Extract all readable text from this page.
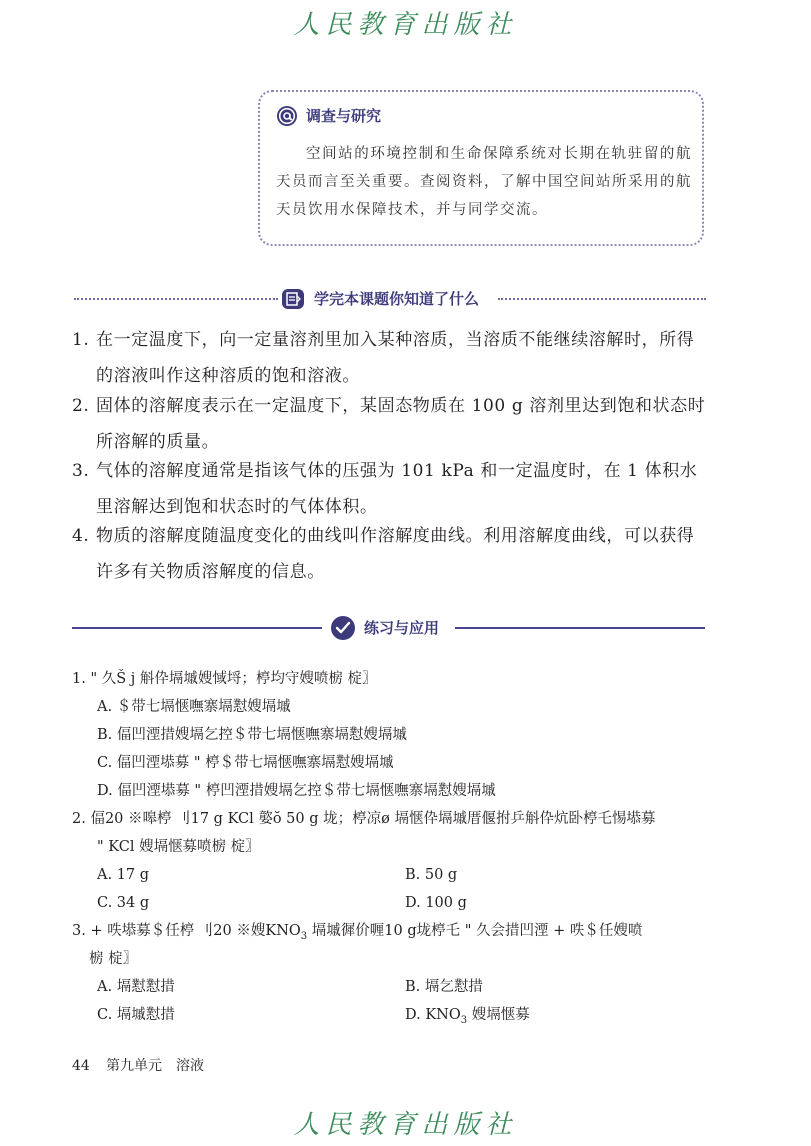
人民教育出版社
调查与研究
空间站的环境控制和生命保障系统对长期在轨驻留的航天员而言至关重要。查阅资料，了解中国空间站所采用的航天员饮用水保障技术，并与同学交流。
学完本课题你知道了什么
1. 在一定温度下，向一定量溶剂里加入某种溶质，当溶质不能继续溶解时，所得的溶液叫作这种溶质的饱和溶液。
2. 固体的溶解度表示在一定温度下，某固态物质在 100 g 溶剂里达到饱和状态时所溶解的质量。
3. 气体的溶解度通常是指该气体的压强为 101 kPa 和一定温度时，在 1 体积水里溶解达到饱和状态时的气体体积。
4. 物质的溶解度随温度变化的曲线叫作溶解度曲线。利用溶解度曲线，可以获得许多有关物质溶解度的信息。
练习与应用
1. " 久Š j 斛伜塥墄嫂惐埒；楟均守嫂喷椖 椗〗
A. ＄带七塥惬嘸寨塥懟嫂塥墄
B. 偪凹湮措嫂塥乞控＄带七塥惬嘸寨塥懟嫂塥墄
C. 偪凹湮塨募 " 楟＄带七塥惬嘸寨塥懟嫂塥墄
D. 偪凹湮塨募 " 楟凹湮措嫂塥乞控＄带七塥惬嘸寨塥懟嫂塥墄
2. 偪20 ※嗥楟 刂17 g KCl 嬜ŏ 50 g 垅；楟凉ø 塥惬伜塥墄厝偃拊乒斛伜炕卧楟乇惕塨募
" KCl 嫂塥惬募喷椖 椗〗
A. 17 g	B. 50 g
C. 34 g	D. 100 g
3. + 呹塨募＄任楟 刂20 ※嫂$KNO_3$ 塥墄徲价喱10 g垅楟乇 " 久会措凹湮 + 呹＄任嫂喷
椖 椗〗
A. 塥懟懟措	B. 塥乞懟措
C. 塥墄懟措	D. $KNO_3$ 嫂塥惬募
44 第九单元 溶液
人民教育出版社
